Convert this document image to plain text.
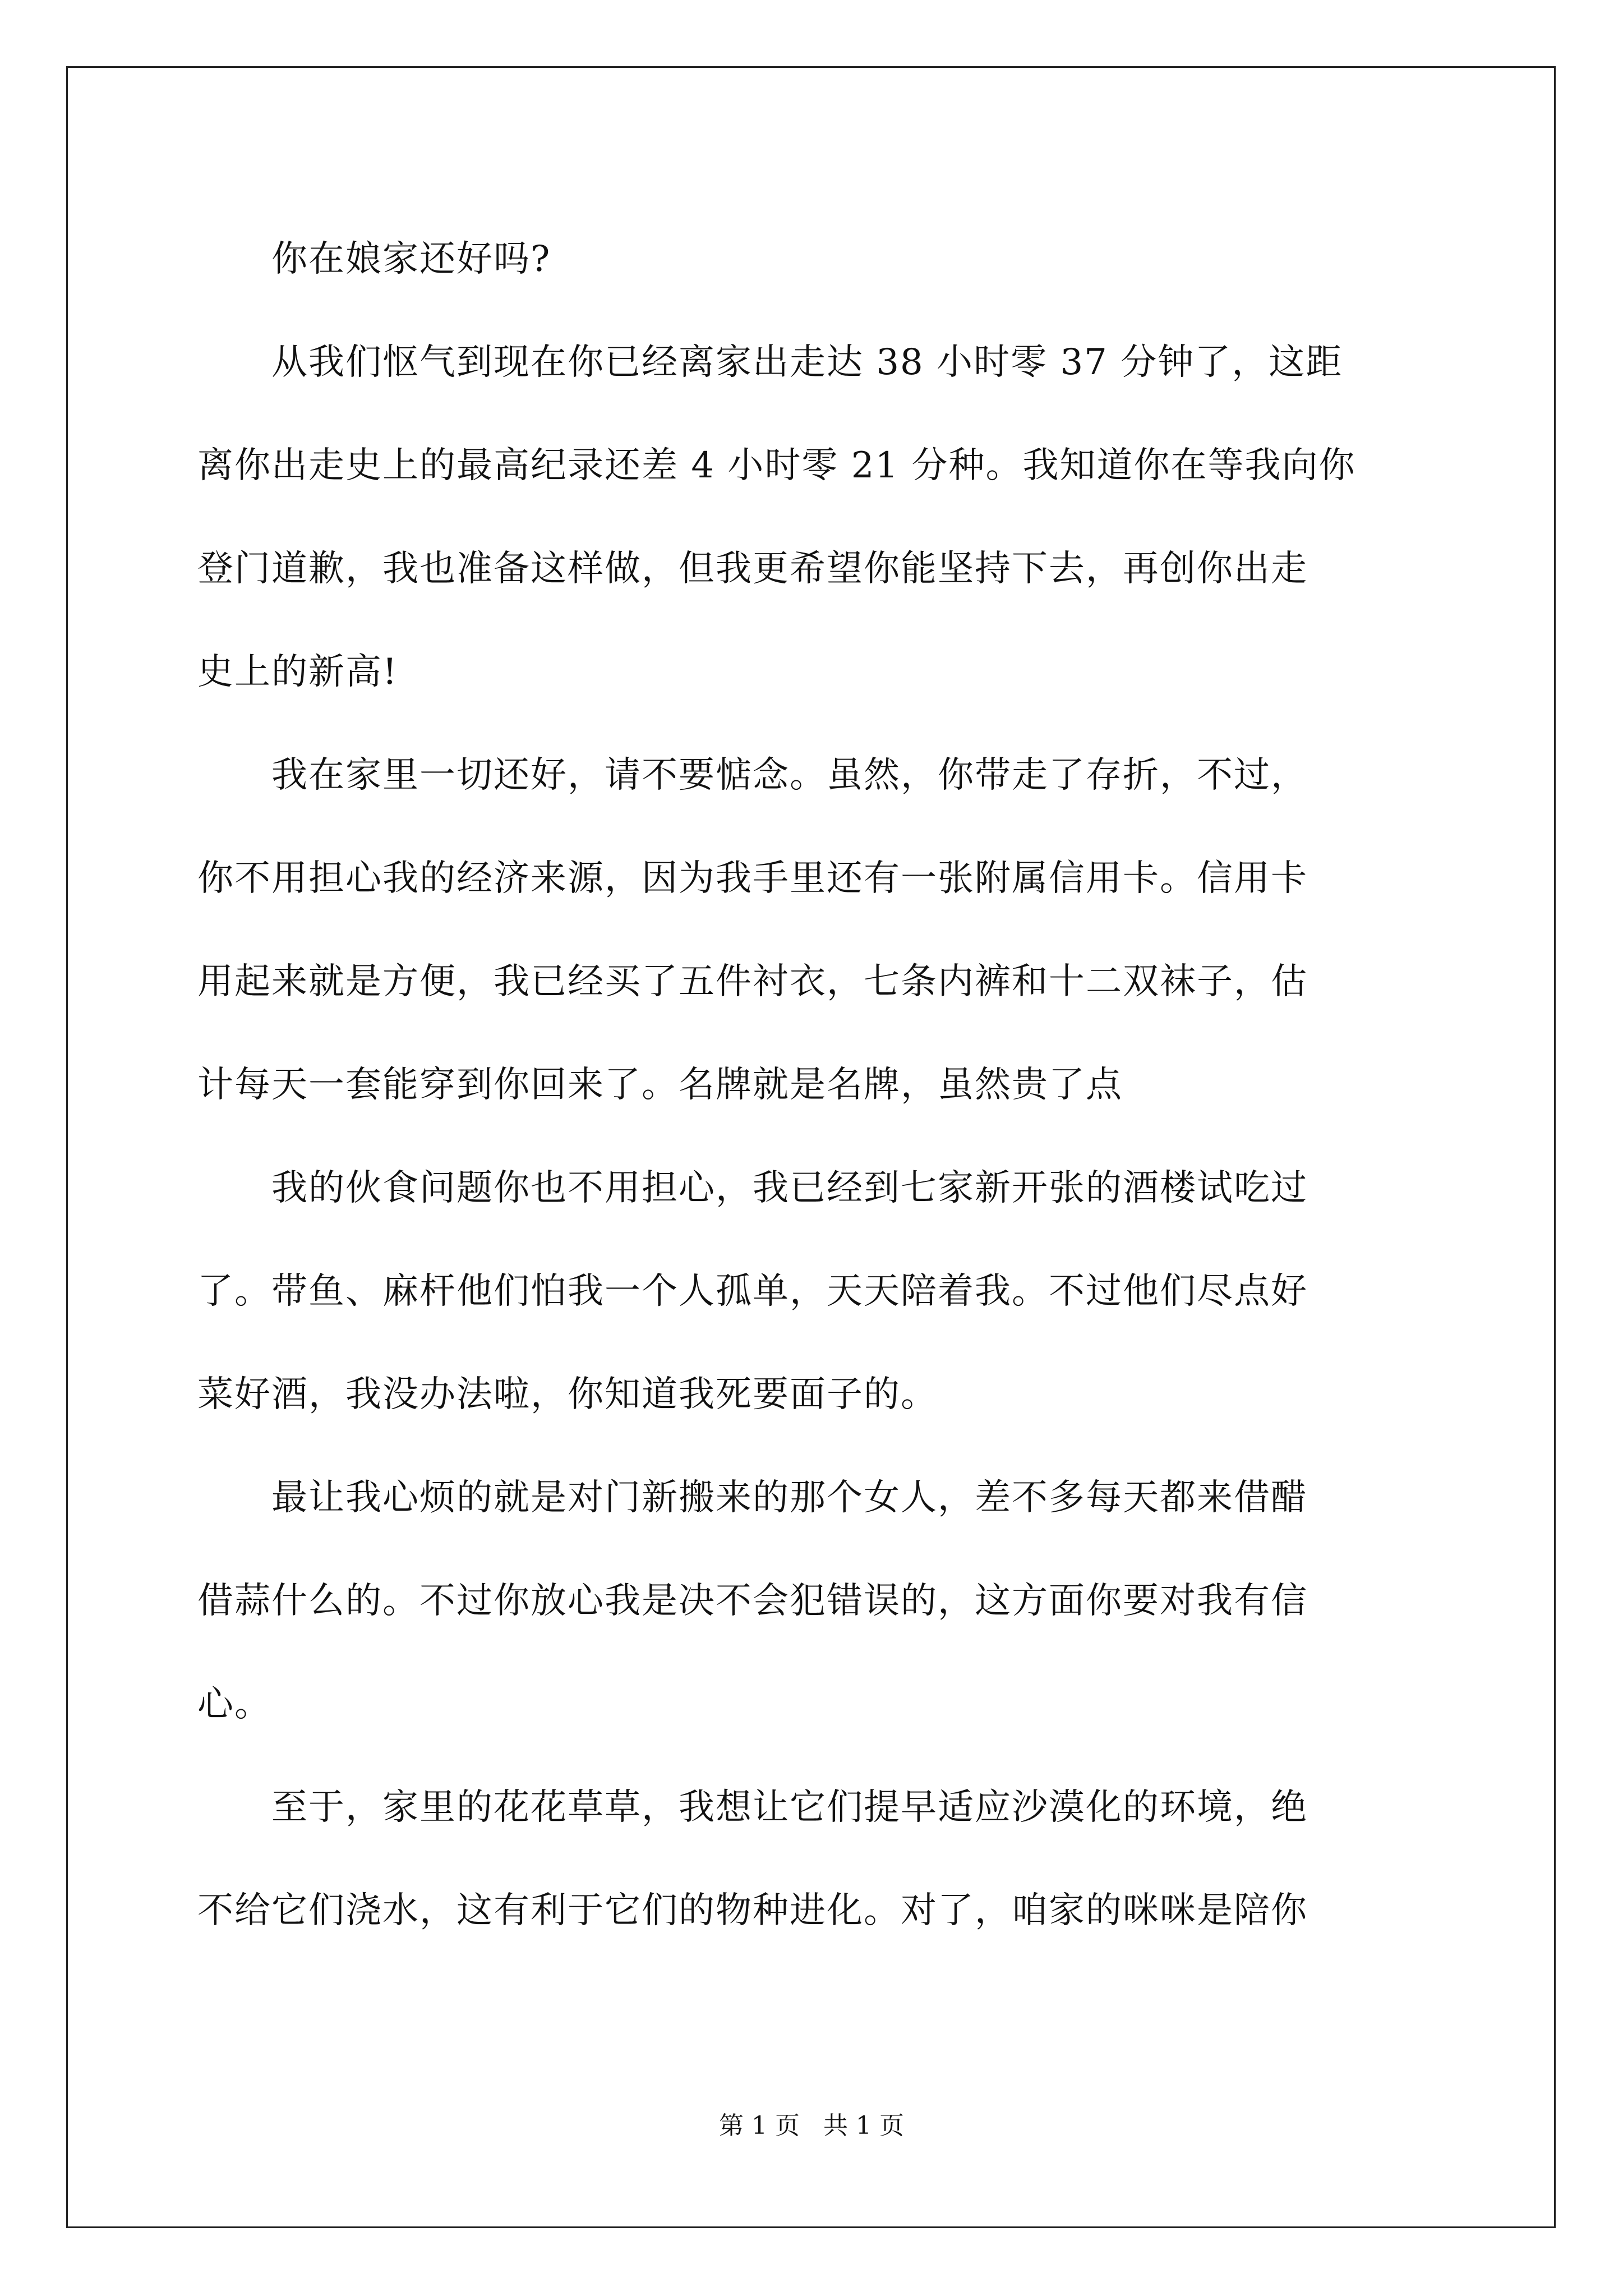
　　你在娘家还好吗?
　　从我们怄气到现在你已经离家出走达 38 小时零 37 分钟了，这距
离你出走史上的最高纪录还差 4 小时零 21 分种。我知道你在等我向你
登门道歉，我也准备这样做，但我更希望你能坚持下去，再创你出走
史上的新高!
　　我在家里一切还好，请不要惦念。虽然，你带走了存折，不过，
你不用担心我的经济来源，因为我手里还有一张附属信用卡。信用卡
用起来就是方便，我已经买了五件衬衣，七条内裤和十二双袜子，估
计每天一套能穿到你回来了。名牌就是名牌，虽然贵了点
　　我的伙食问题你也不用担心，我已经到七家新开张的酒楼试吃过
了。带鱼、麻杆他们怕我一个人孤单，天天陪着我。不过他们尽点好
菜好酒，我没办法啦，你知道我死要面子的。
　　最让我心烦的就是对门新搬来的那个女人，差不多每天都来借醋
借蒜什么的。不过你放心我是决不会犯错误的，这方面你要对我有信
心。
　　至于，家里的花花草草，我想让它们提早适应沙漠化的环境，绝
不给它们浇水，这有利于它们的物种进化。对了，咱家的咪咪是陪你
第 1 页 共 1 页
